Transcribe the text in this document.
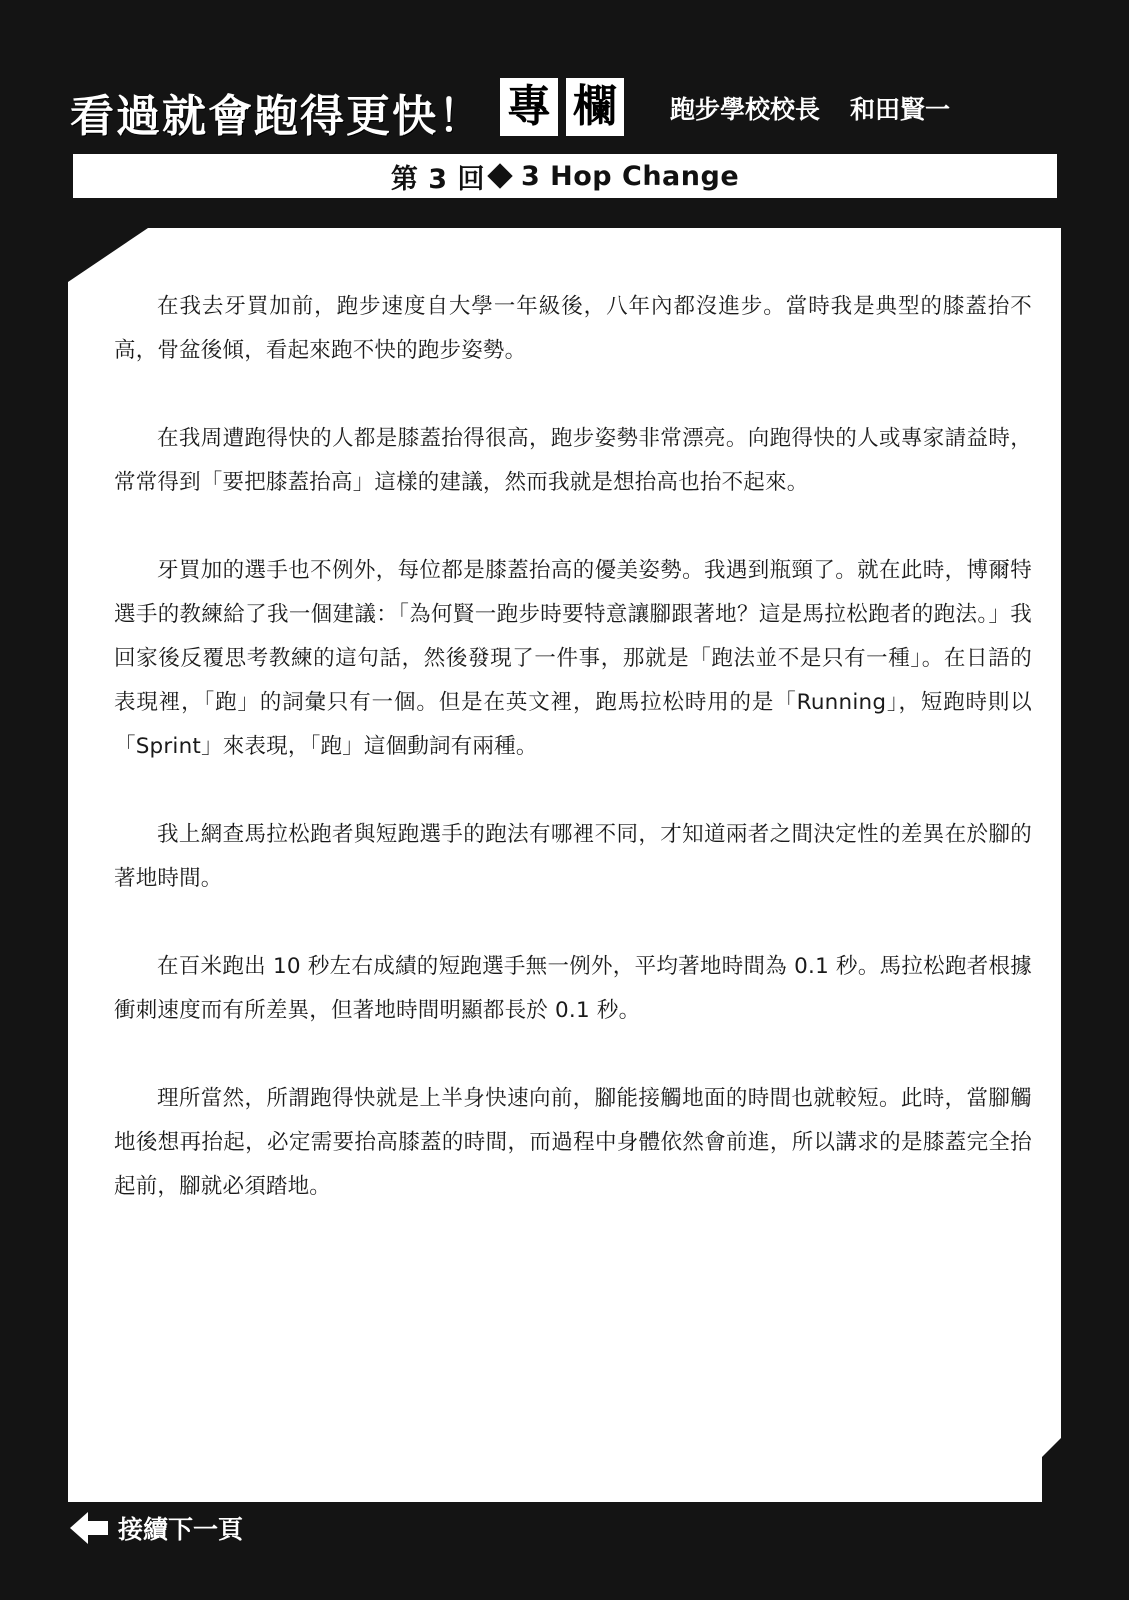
看過就會跑得更快！ 專 欄 跑步學校校長 和田賢一
第 3 回 3 Hop Change

在我去牙買加前，跑步速度自大學一年級後，八年內都沒進步。當時我是典型的膝蓋抬不高，骨盆後傾，看起來跑不快的跑步姿勢。

在我周遭跑得快的人都是膝蓋抬得很高，跑步姿勢非常漂亮。向跑得快的人或專家請益時，常常得到「要把膝蓋抬高」這樣的建議，然而我就是想抬高也抬不起來。

牙買加的選手也不例外，每位都是膝蓋抬高的優美姿勢。我遇到瓶頸了。就在此時，博爾特選手的教練給了我一個建議：「為何賢一跑步時要特意讓腳跟著地？這是馬拉松跑者的跑法。」我回家後反覆思考教練的這句話，然後發現了一件事，那就是「跑法並不是只有一種」。在日語的表現裡，「跑」的詞彙只有一個。但是在英文裡，跑馬拉松時用的是「Running」，短跑時則以「Sprint」來表現，「跑」這個動詞有兩種。

我上網查馬拉松跑者與短跑選手的跑法有哪裡不同，才知道兩者之間決定性的差異在於腳的著地時間。

在百米跑出 10 秒左右成績的短跑選手無一例外，平均著地時間為 0.1 秒。馬拉松跑者根據衝刺速度而有所差異，但著地時間明顯都長於 0.1 秒。

理所當然，所謂跑得快就是上半身快速向前，腳能接觸地面的時間也就較短。此時，當腳觸地後想再抬起，必定需要抬高膝蓋的時間，而過程中身體依然會前進，所以講求的是膝蓋完全抬起前，腳就必須踏地。

接續下一頁
